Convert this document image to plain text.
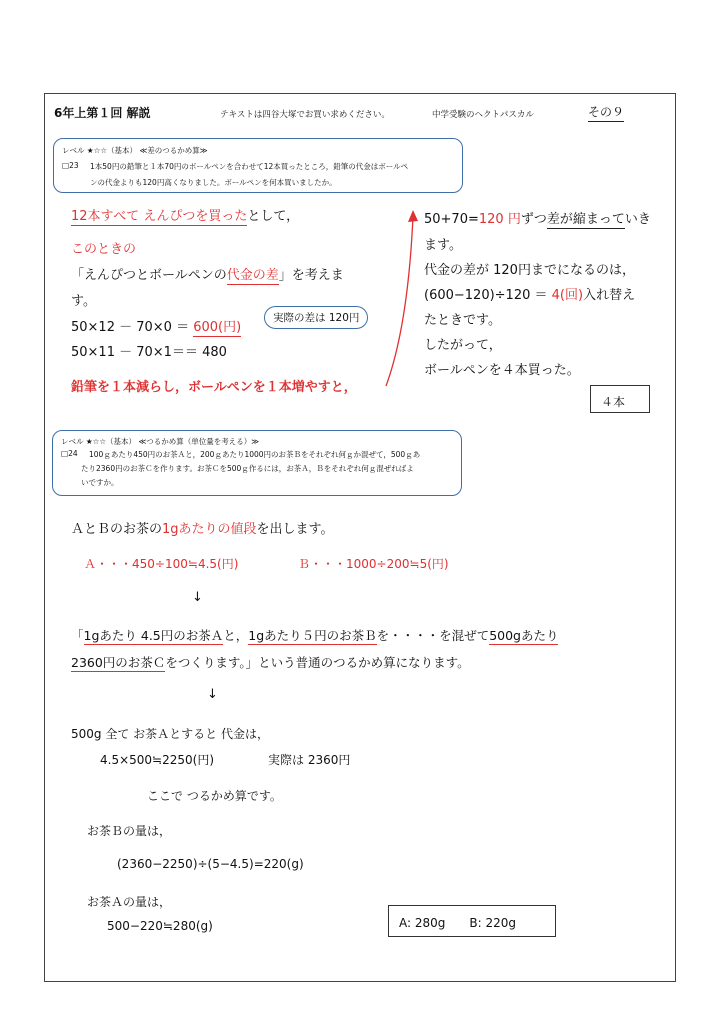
6年上第１回 解説	テキストは四谷大塚でお買い求めください。	中学受験のヘクトパスカル	その９
レベル ★☆☆（基本） ≪差のつるかめ算≫
□23 1本50円の鉛筆と１本70円のボールペンを合わせて12本買ったところ，鉛筆の代金はボールペ
ンの代金よりも120円高くなりました。ボールペンを何本買いましたか。
12本すべて えんぴつを買ったとして，
このときの
「えんぴつとボールペンの代金の差」を考えま
す。
50×12 － 70×0 ＝ 600(円)
実際の差は 120円
50×11 － 70×1＝＝ 480
鉛筆を１本減らし，ボールペンを１本増やすと，
50+70=120 円ずつ差が縮まっていき
ます。
代金の差が 120円までになるのは，
(600−120)÷120 ＝ 4(回)入れ替え
たときです。
したがって，
ボールペンを４本買った。
４本
レベル ★☆☆（基本） ≪つるかめ算（単位量を考える）≫
□24 100ｇあたり450円のお茶Ａと，200ｇあたり1000円のお茶Ｂをそれぞれ何ｇか混ぜて，500ｇあ
たり2360円のお茶Ｃを作ります。お茶Ｃを500ｇ作るには，お茶Ａ，Ｂをそれぞれ何ｇ混ぜればよ
いですか。
ＡとＢのお茶の1gあたりの値段を出します。
Ａ・・・450÷100≒4.5(円)	Ｂ・・・1000÷200≒5(円)
↓
「1gあたり 4.5円のお茶Ａと，1gあたり５円のお茶Ｂを・・・・を混ぜて500gあたり
2360円のお茶Ｃをつくります。」という普通のつるかめ算になります。
↓
500g 全て お茶Ａとすると 代金は，
4.5×500≒2250(円)	実際は 2360円
ここで つるかめ算です。
お茶Ｂの量は，
(2360−2250)÷(5−4.5)=220(g)
お茶Ａの量は，
500−220≒280(g)	A: 280g　　B: 220g
